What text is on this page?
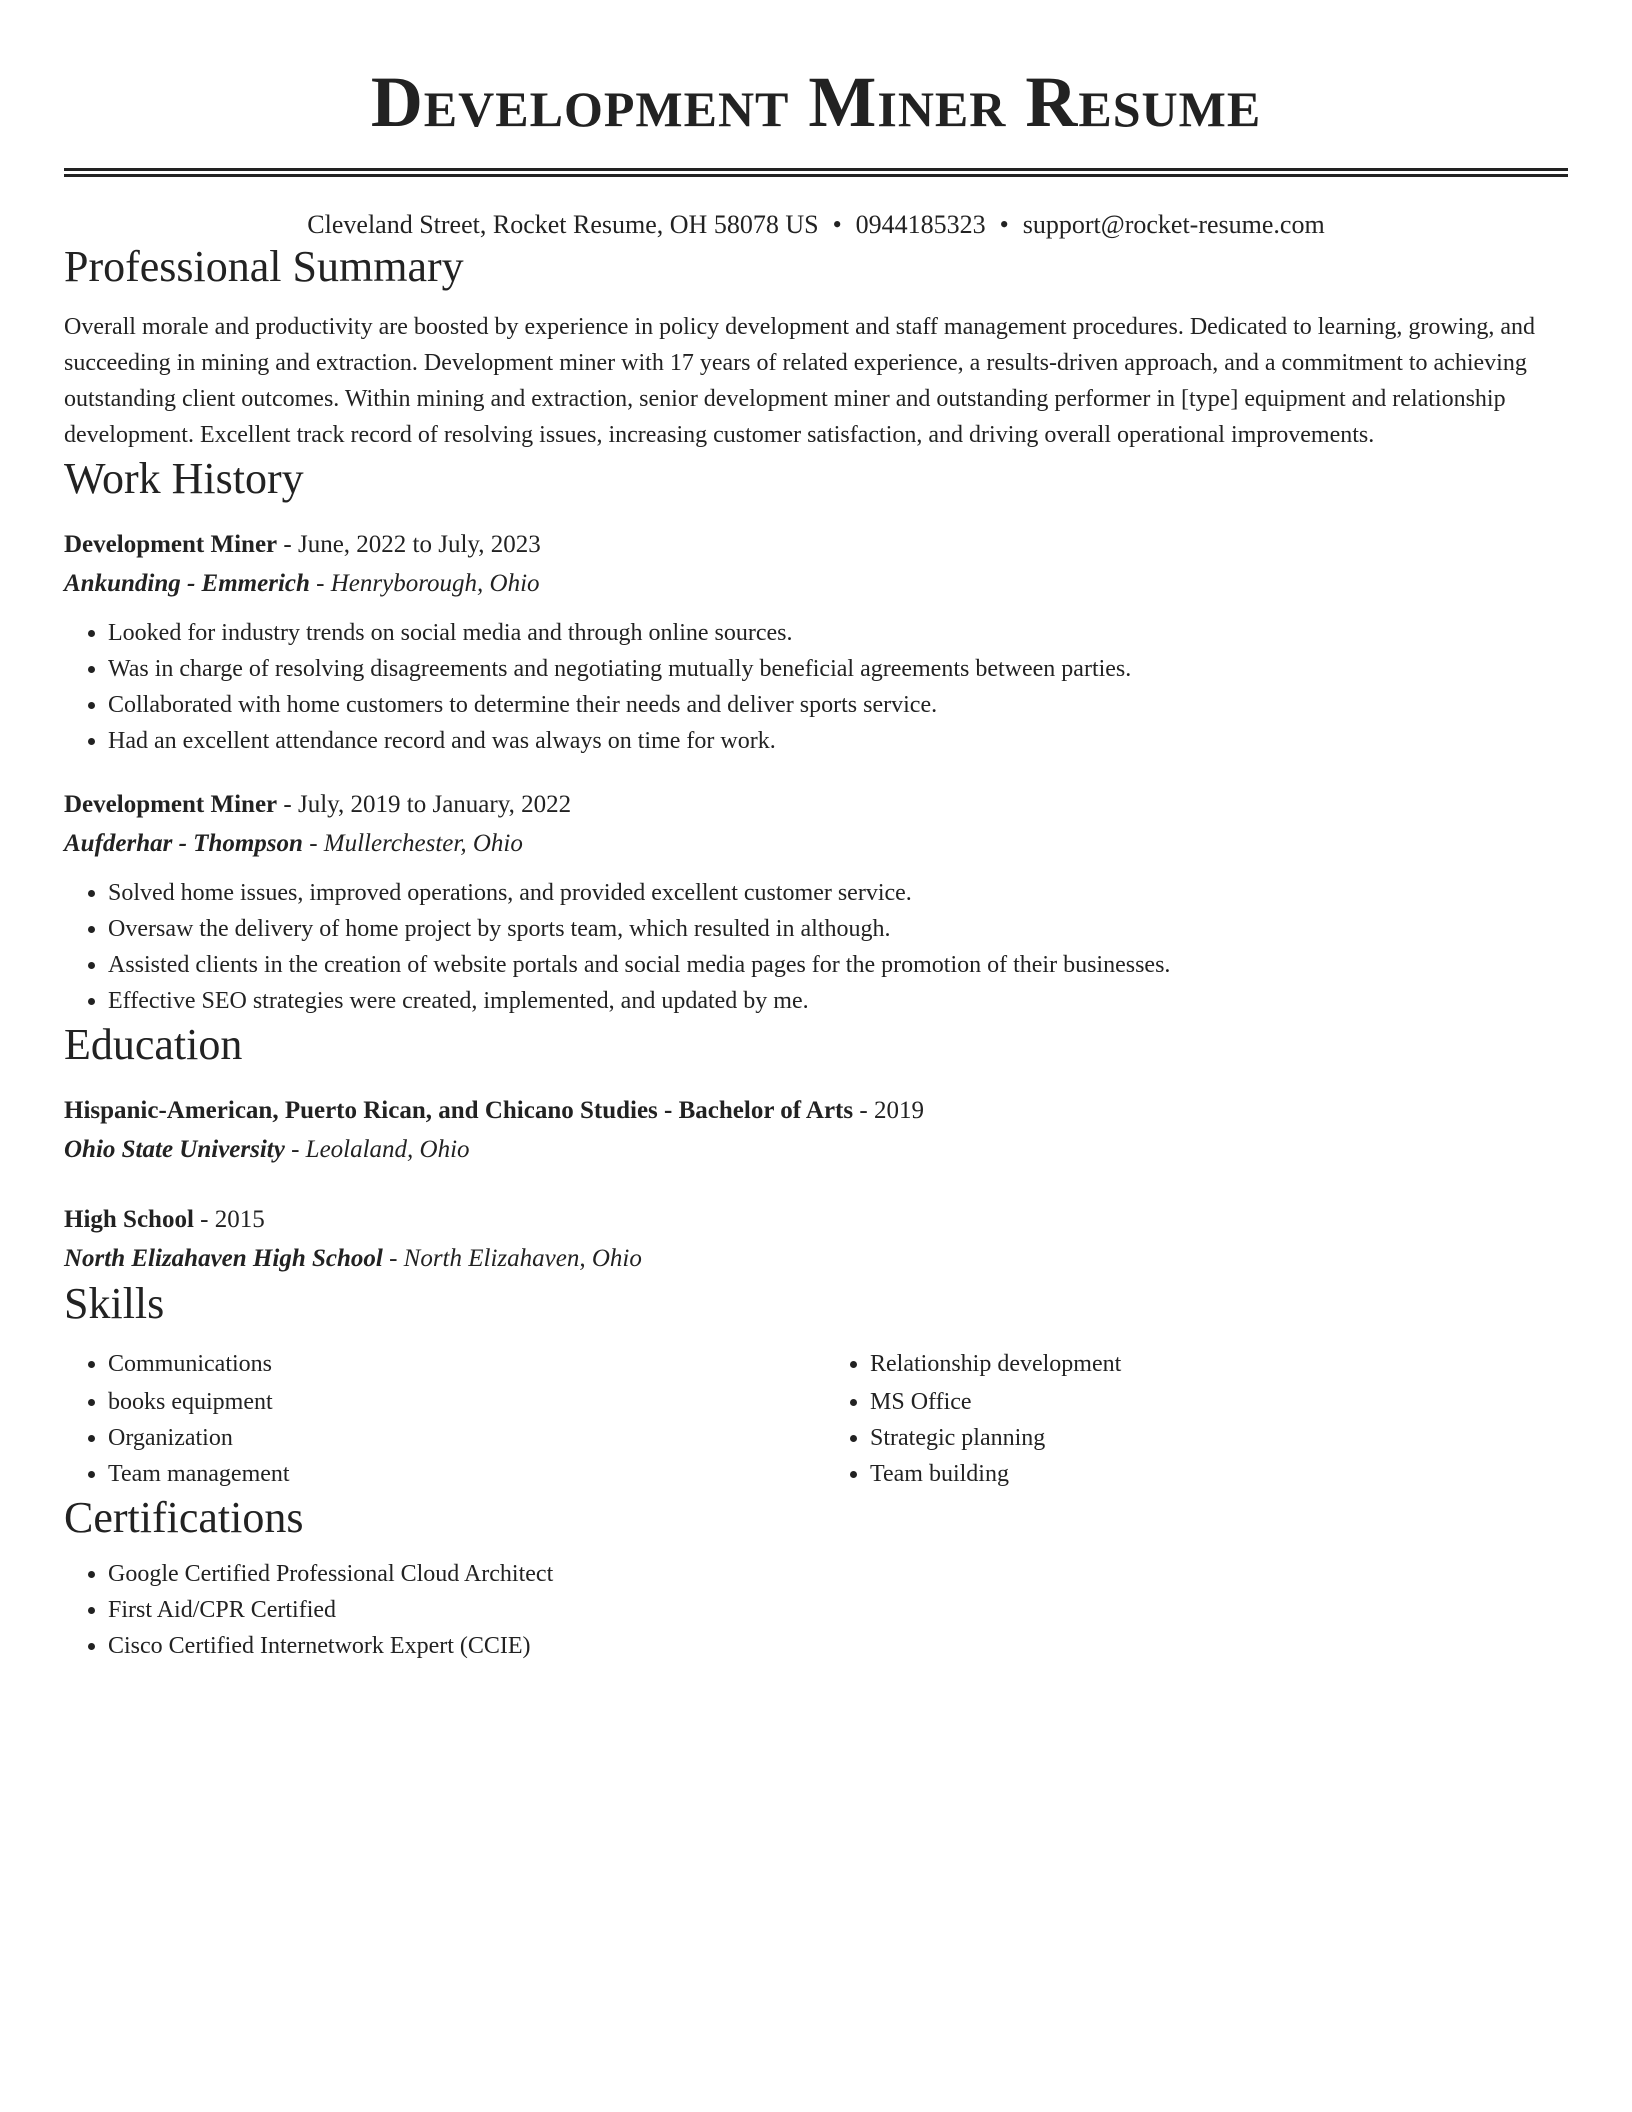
Development Miner Resume
Cleveland Street, Rocket Resume, OH 58078 US • 0944185323 • support@rocket-resume.com
Professional Summary

Overall morale and productivity are boosted by experience in policy development and staff management procedures. Dedicated to learning, growing, and succeeding in mining and extraction. Development miner with 17 years of related experience, a results-driven approach, and a commitment to achieving outstanding client outcomes. Within mining and extraction, senior development miner and outstanding performer in [type] equipment and relationship development. Excellent track record of resolving issues, increasing customer satisfaction, and driving overall operational improvements.

Work History
Development Miner - June, 2022 to July, 2023
Ankunding - Emmerich - Henryborough, Ohio
• Looked for industry trends on social media and through online sources.
• Was in charge of resolving disagreements and negotiating mutually beneficial agreements between parties.
• Collaborated with home customers to determine their needs and deliver sports service.
• Had an excellent attendance record and was always on time for work.
Development Miner - July, 2019 to January, 2022
Aufderhar - Thompson - Mullerchester, Ohio
• Solved home issues, improved operations, and provided excellent customer service.
• Oversaw the delivery of home project by sports team, which resulted in although.
• Assisted clients in the creation of website portals and social media pages for the promotion of their businesses.
• Effective SEO strategies were created, implemented, and updated by me.
Education
Hispanic-American, Puerto Rican, and Chicano Studies - Bachelor of Arts - 2019
Ohio State University - Leolaland, Ohio
High School - 2015
North Elizahaven High School - North Elizahaven, Ohio
Skills
• Communications
• books equipment
• Organization
• Team management
• Relationship development
• MS Office
• Strategic planning
• Team building
Certifications
• Google Certified Professional Cloud Architect
• First Aid/CPR Certified
• Cisco Certified Internetwork Expert (CCIE)
